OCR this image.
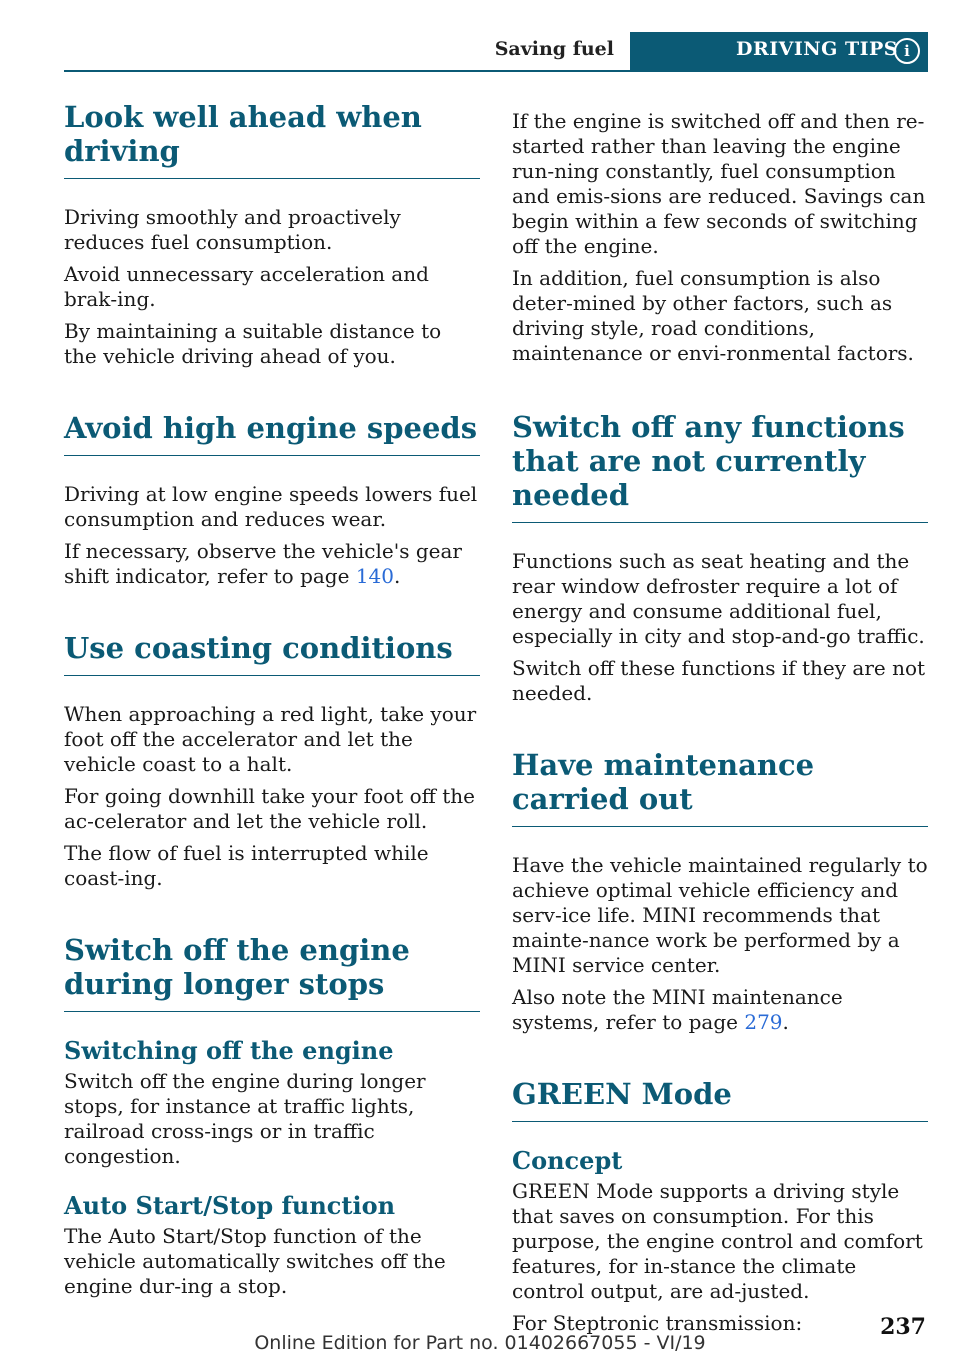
Saving fuel	DRIVING TIPS i
Look well ahead when driving

Driving smoothly and proactively reduces fuel consumption.

Avoid unnecessary acceleration and brak‐ing.

By maintaining a suitable distance to the vehicle driving ahead of you.

Avoid high engine speeds

Driving at low engine speeds lowers fuel consumption and reduces wear.

If necessary, observe the vehicle's gear shift indicator, refer to page 140.

Use coasting conditions

When approaching a red light, take your foot off the accelerator and let the vehicle coast to a halt.

For going downhill take your foot off the ac‐celerator and let the vehicle roll.

The flow of fuel is interrupted while coast‐ing.

Switch off the engine during longer stops
Switching off the engine

Switch off the engine during longer stops, for instance at traffic lights, railroad cross‐ings or in traffic congestion.

Auto Start/Stop function

The Auto Start/Stop function of the vehicle automatically switches off the engine dur‐ing a stop.

If the engine is switched off and then re‐started rather than leaving the engine run‐ning constantly, fuel consumption and emis‐sions are reduced. Savings can begin within a few seconds of switching off the engine.

In addition, fuel consumption is also deter‐mined by other factors, such as driving style, road conditions, maintenance or envi‐ronmental factors.

Switch off any functions that are not currently needed

Functions such as seat heating and the rear window defroster require a lot of energy and consume additional fuel, especially in city and stop-and-go traffic.

Switch off these functions if they are not needed.

Have maintenance carried out

Have the vehicle maintained regularly to achieve optimal vehicle efficiency and serv‐ice life. MINI recommends that mainte‐nance work be performed by a MINI service center.

Also note the MINI maintenance systems, refer to page 279.

GREEN Mode
Concept

GREEN Mode supports a driving style that saves on consumption. For this purpose, the engine control and comfort features, for in‐stance the climate control output, are ad‐justed.

For Steptronic transmission:	237
Online Edition for Part no. 01402667055 - VI/19
